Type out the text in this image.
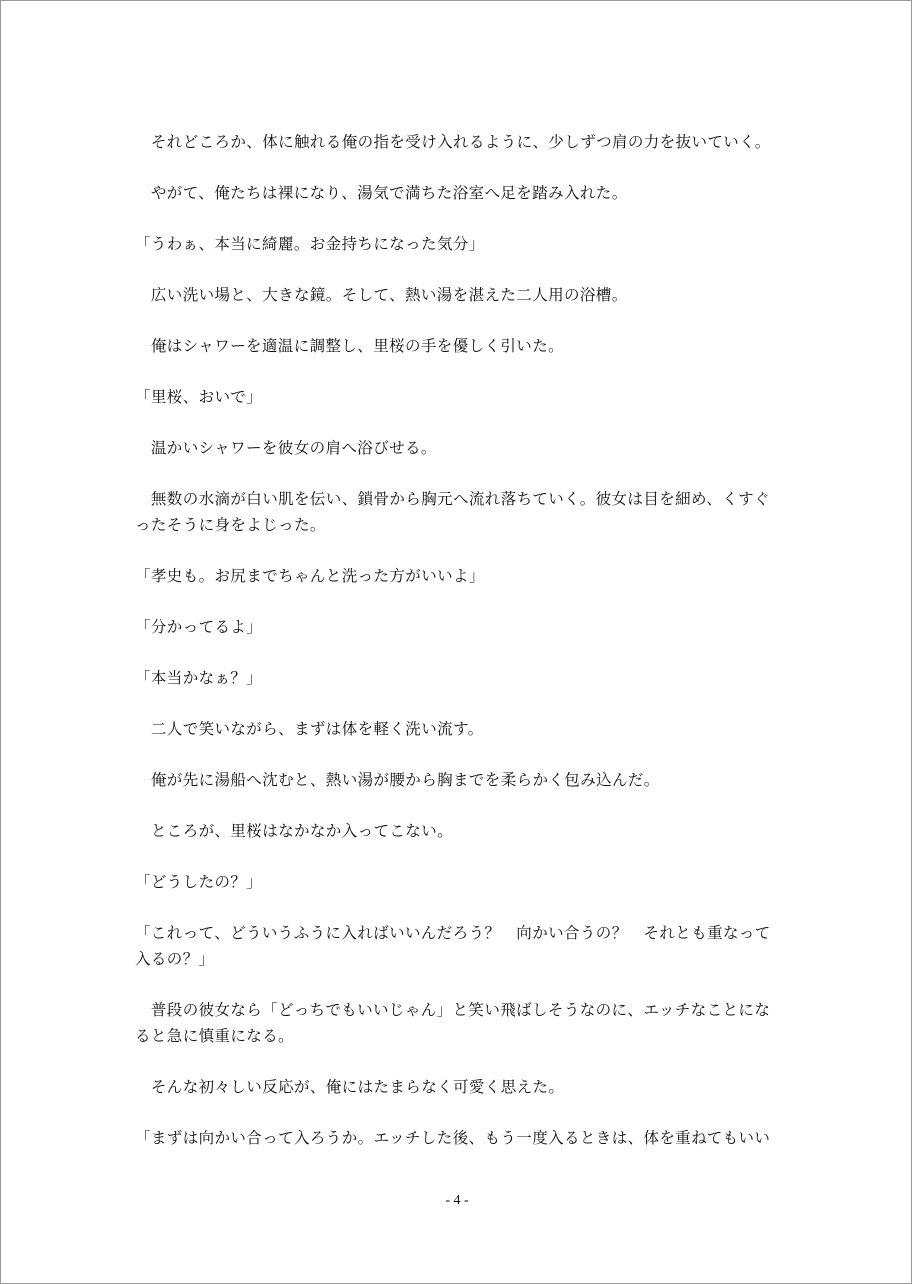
　それどころか、体に触れる俺の指を受け入れるように、少しずつ肩の力を抜いていく。
　やがて、俺たちは裸になり、湯気で満ちた浴室へ足を踏み入れた。
「うわぁ、本当に綺麗。お金持ちになった気分」
　広い洗い場と、大きな鏡。そして、熱い湯を湛えた二人用の浴槽。
　俺はシャワーを適温に調整し、里桜の手を優しく引いた。
「里桜、おいで」
　温かいシャワーを彼女の肩へ浴びせる。
　無数の水滴が白い肌を伝い、鎖骨から胸元へ流れ落ちていく。彼女は目を細め、くすぐったそうに身をよじった。
「孝史も。お尻までちゃんと洗った方がいいよ」
「分かってるよ」
「本当かなぁ？」
　二人で笑いながら、まずは体を軽く洗い流す。
　俺が先に湯船へ沈むと、熱い湯が腰から胸までを柔らかく包み込んだ。
　ところが、里桜はなかなか入ってこない。
「どうしたの？」
「これって、どういうふうに入ればいいんだろう？　向かい合うの？　それとも重なって入るの？」
　普段の彼女なら「どっちでもいいじゃん」と笑い飛ばしそうなのに、エッチなことになると急に慎重になる。
　そんな初々しい反応が、俺にはたまらなく可愛く思えた。
「まずは向かい合って入ろうか。エッチした後、もう一度入るときは、体を重ねてもいい
- 4 -
